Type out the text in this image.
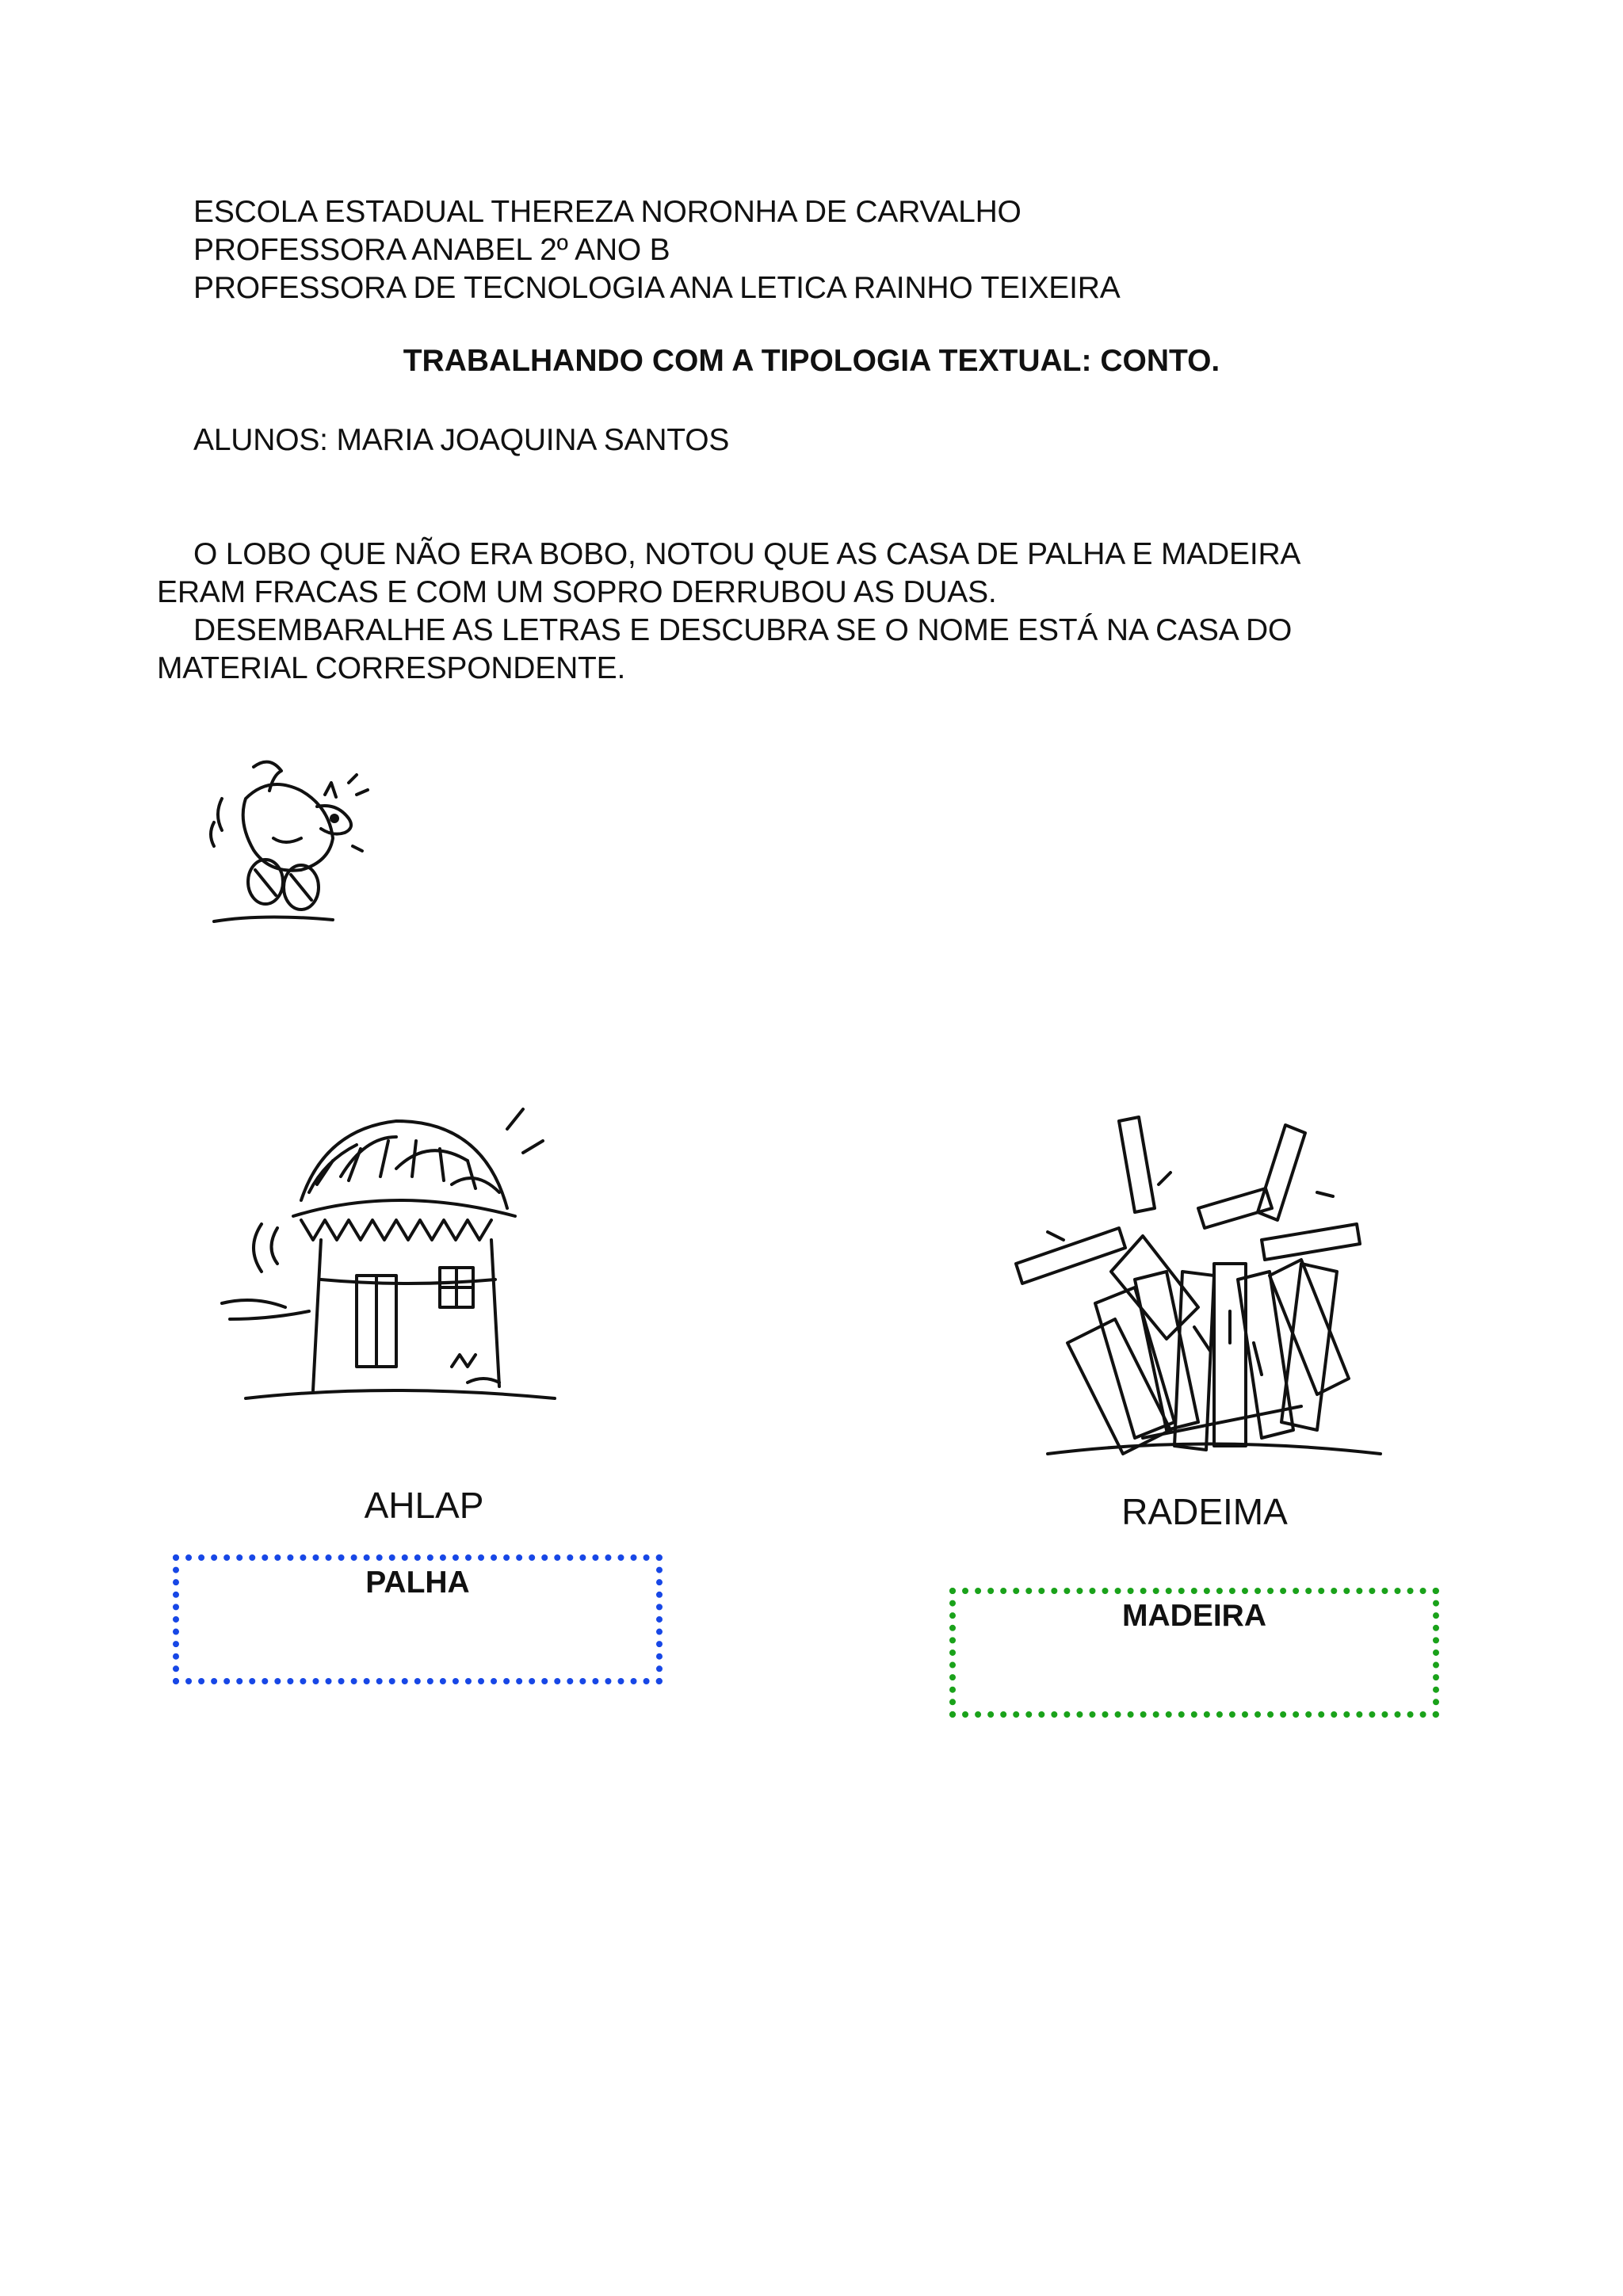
ESCOLA ESTADUAL THEREZA NORONHA DE CARVALHO
PROFESSORA ANABEL 2º ANO B
PROFESSORA DE TECNOLOGIA ANA LETICA RAINHO TEIXEIRA
TRABALHANDO COM A TIPOLOGIA TEXTUAL: CONTO.
ALUNOS: MARIA JOAQUINA SANTOS
O LOBO QUE NÃO ERA BOBO, NOTOU QUE AS CASA DE PALHA E MADEIRA
ERAM FRACAS E COM UM SOPRO DERRUBOU AS DUAS.
DESEMBARALHE AS LETRAS E DESCUBRA SE O NOME ESTÁ NA CASA DO
MATERIAL CORRESPONDENTE.
AHLAP	RADEIMA
PALHA
MADEIRA
